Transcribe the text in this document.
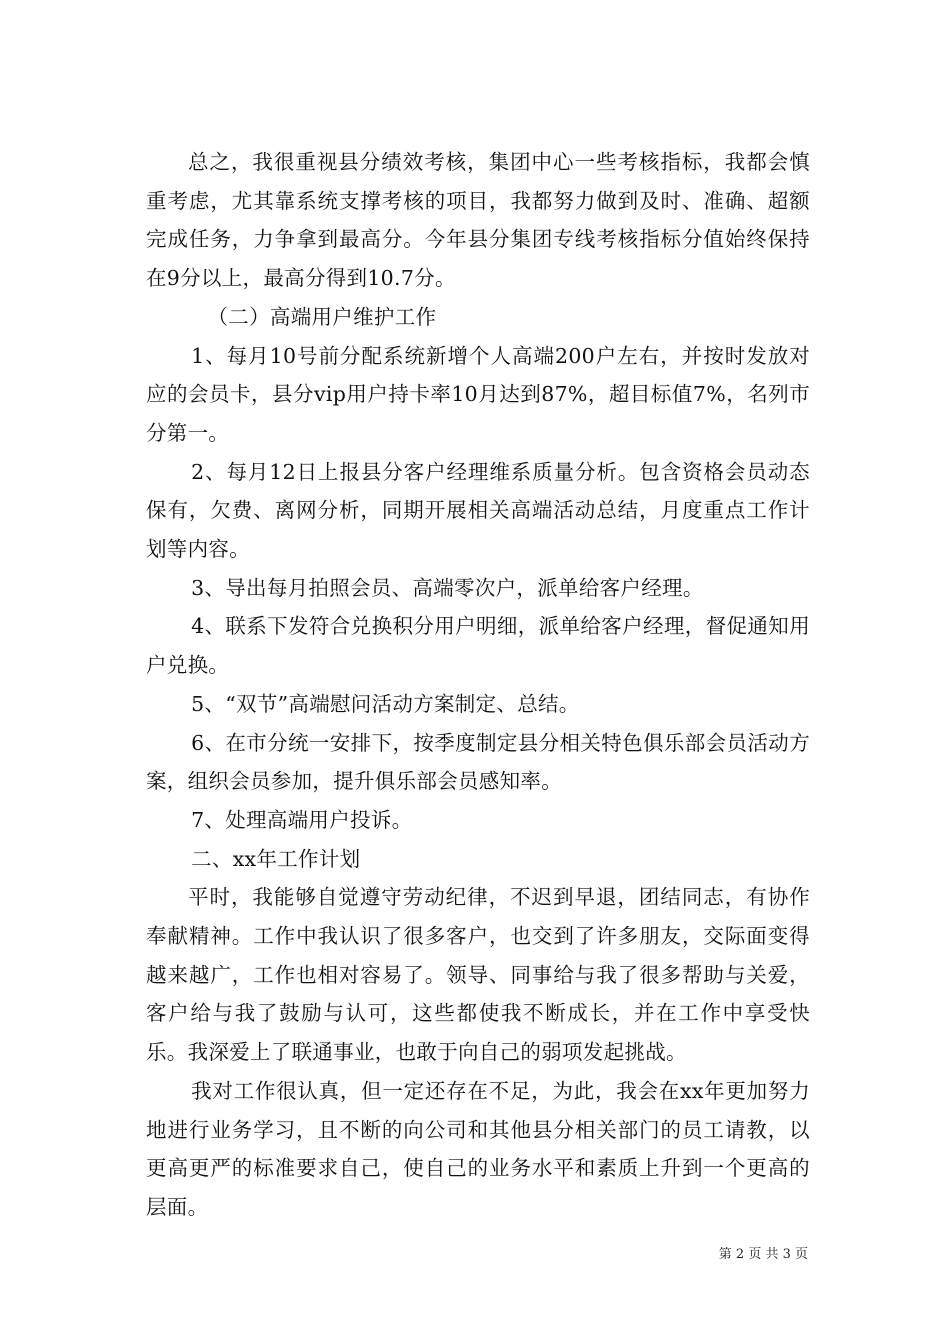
总之，我很重视县分绩效考核，集团中心一些考核指标，我都会慎重考虑，尤其靠系统支撑考核的项目，我都努力做到及时、准确、超额完成任务，力争拿到最高分。今年县分集团专线考核指标分值始终保持在9分以上，最高分得到10.7分。

（二）高端用户维护工作

1、每月10号前分配系统新增个人高端200户左右，并按时发放对应的会员卡，县分vip用户持卡率10月达到87%，超目标值7%，名列市分第一。

2、每月12日上报县分客户经理维系质量分析。包含资格会员动态保有，欠费、离网分析，同期开展相关高端活动总结，月度重点工作计划等内容。

3、导出每月拍照会员、高端零次户，派单给客户经理。

4、联系下发符合兑换积分用户明细，派单给客户经理，督促通知用户兑换。

5、“双节”高端慰问活动方案制定、总结。

6、在市分统一安排下，按季度制定县分相关特色俱乐部会员活动方案，组织会员参加，提升俱乐部会员感知率。

7、处理高端用户投诉。

二、xx年工作计划

平时，我能够自觉遵守劳动纪律，不迟到早退，团结同志，有协作奉献精神。工作中我认识了很多客户，也交到了许多朋友，交际面变得越来越广，工作也相对容易了。领导、同事给与我了很多帮助与关爱，客户给与我了鼓励与认可，这些都使我不断成长，并在工作中享受快乐。我深爱上了联通事业，也敢于向自己的弱项发起挑战。

我对工作很认真，但一定还存在不足，为此，我会在xx年更加努力地进行业务学习，且不断的向公司和其他县分相关部门的员工请教，以更高更严的标准要求自己，使自己的业务水平和素质上升到一个更高的层面。

第 2 页 共 3 页
